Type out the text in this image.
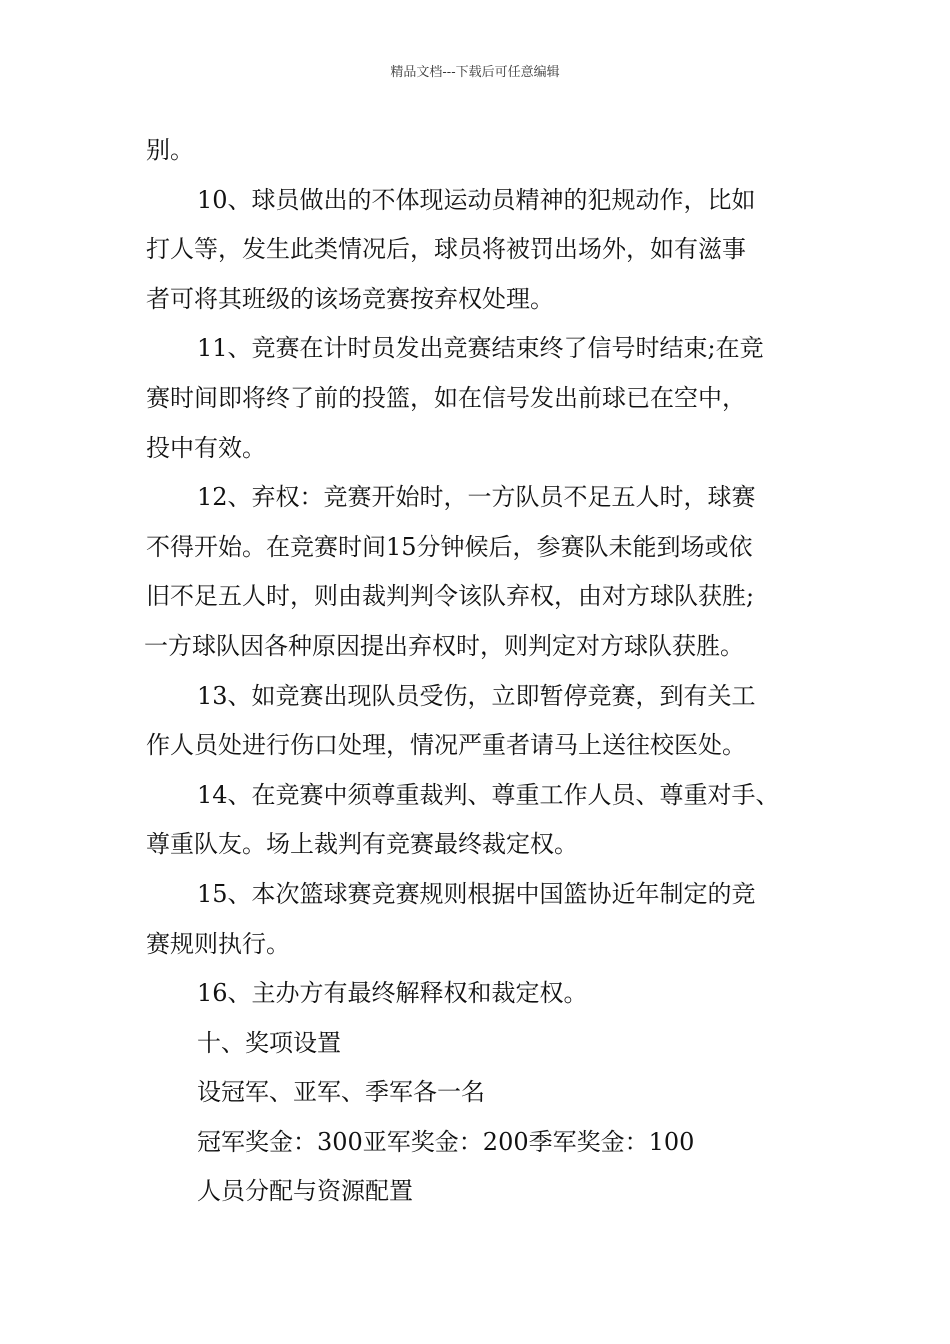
精品文档---下载后可任意编辑
别。
10、球员做出的不体现运动员精神的犯规动作，比如
打人等，发生此类情况后，球员将被罚出场外，如有滋事
者可将其班级的该场竞赛按弃权处理。
11、竞赛在计时员发出竞赛结束终了信号时结束;在竞
赛时间即将终了前的投篮，如在信号发出前球已在空中，
投中有效。
12、弃权：竞赛开始时，一方队员不足五人时，球赛
不得开始。在竞赛时间15分钟候后，参赛队未能到场或依
旧不足五人时，则由裁判判令该队弃权，由对方球队获胜;
一方球队因各种原因提出弃权时，则判定对方球队获胜。
13、如竞赛出现队员受伤，立即暂停竞赛，到有关工
作人员处进行伤口处理，情况严重者请马上送往校医处。
14、在竞赛中须尊重裁判、尊重工作人员、尊重对手、
尊重队友。场上裁判有竞赛最终裁定权。
15、本次篮球赛竞赛规则根据中国篮协近年制定的竞
赛规则执行。
16、主办方有最终解释权和裁定权。
十、奖项设置
设冠军、亚军、季军各一名
冠军奖金：300亚军奖金：200季军奖金：100
人员分配与资源配置
